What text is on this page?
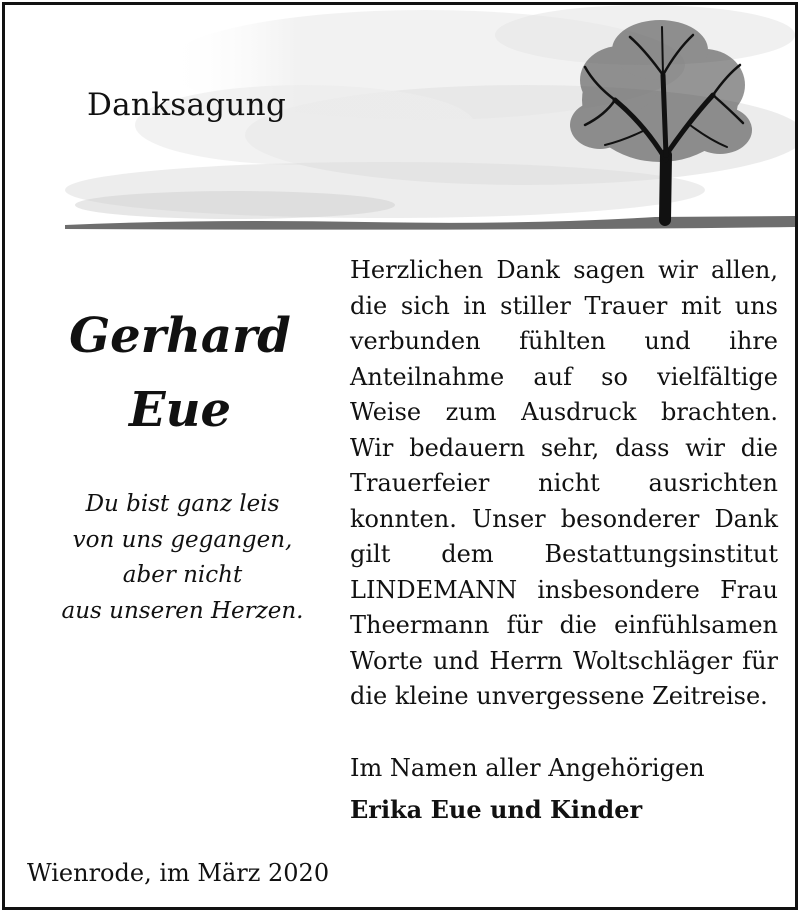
Danksagung
Gerhard
Eue
Du bist ganz leis
von uns gegangen,
aber nicht
aus unseren Herzen.
Herzlichen Dank sagen wir allen,
die sich in stiller Trauer mit uns
verbunden fühlten und ihre
Anteilnahme auf so vielfältige
Weise zum Ausdruck brachten.
Wir bedauern sehr, dass wir die
Trauerfeier nicht ausrichten
konnten. Unser besonderer Dank
gilt dem Bestattungsinstitut
LINDEMANN insbesondere Frau
Theermann für die einfühlsamen
Worte und Herrn Woltschläger für
die kleine unvergessene Zeitreise.
Im Namen aller Angehörigen
Erika Eue und Kinder
Wienrode, im März 2020
